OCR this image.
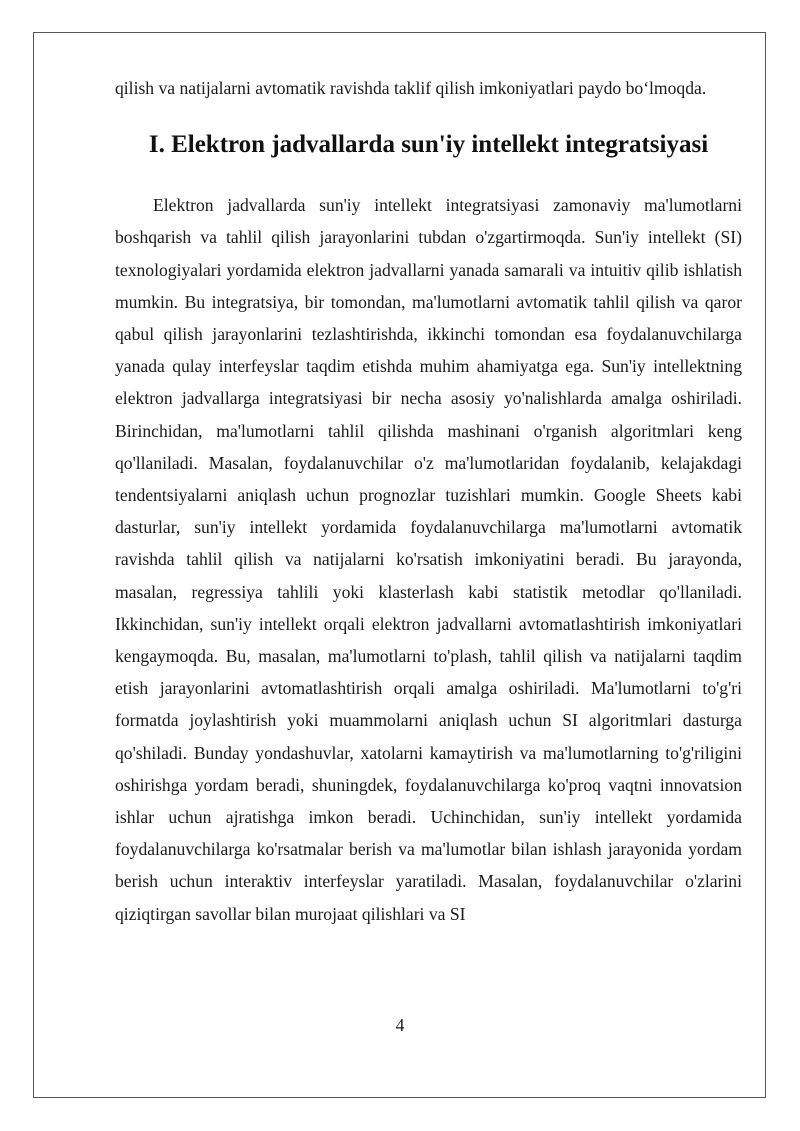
qilish va natijalarni avtomatik ravishda taklif qilish imkoniyatlari paydo bo‘lmoqda.

I. Elektron jadvallarda sun'iy intellekt integratsiyasi

Elektron jadvallarda sun'iy intellekt integratsiyasi zamonaviy ma'lumotlarni boshqarish va tahlil qilish jarayonlarini tubdan o'zgartirmoqda. Sun'iy intellekt (SI) texnologiyalari yordamida elektron jadvallarni yanada samarali va intuitiv qilib ishlatish mumkin. Bu integratsiya, bir tomondan, ma'lumotlarni avtomatik tahlil qilish va qaror qabul qilish jarayonlarini tezlashtirishda, ikkinchi tomondan esa foydalanuvchilarga yanada qulay interfeyslar taqdim etishda muhim ahamiyatga ega. Sun'iy intellektning elektron jadvallarga integratsiyasi bir necha asosiy yo'nalishlarda amalga oshiriladi. Birinchidan, ma'lumotlarni tahlil qilishda mashinani o'rganish algoritmlari keng qo'llaniladi. Masalan, foydalanuvchilar o'z ma'lumotlaridan foydalanib, kelajakdagi tendentsiyalarni aniqlash uchun prognozlar tuzishlari mumkin. Google Sheets kabi dasturlar, sun'iy intellekt yordamida foydalanuvchilarga ma'lumotlarni avtomatik ravishda tahlil qilish va natijalarni ko'rsatish imkoniyatini beradi. Bu jarayonda, masalan, regressiya tahlili yoki klasterlash kabi statistik metodlar qo'llaniladi. Ikkinchidan, sun'iy intellekt orqali elektron jadvallarni avtomatlashtirish imkoniyatlari kengaymoqda. Bu, masalan, ma'lumotlarni to'plash, tahlil qilish va natijalarni taqdim etish jarayonlarini avtomatlashtirish orqali amalga oshiriladi. Ma'lumotlarni to'g'ri formatda joylashtirish yoki muammolarni aniqlash uchun SI algoritmlari dasturga qo'shiladi. Bunday yondashuvlar, xatolarni kamaytirish va ma'lumotlarning to'g'riligini oshirishga yordam beradi, shuningdek, foydalanuvchilarga ko'proq vaqtni innovatsion ishlar uchun ajratishga imkon beradi. Uchinchidan, sun'iy intellekt yordamida foydalanuvchilarga ko'rsatmalar berish va ma'lumotlar bilan ishlash jarayonida yordam berish uchun interaktiv interfeyslar yaratiladi. Masalan, foydalanuvchilar o'zlarini qiziqtirgan savollar bilan murojaat qilishlari va SI

4
